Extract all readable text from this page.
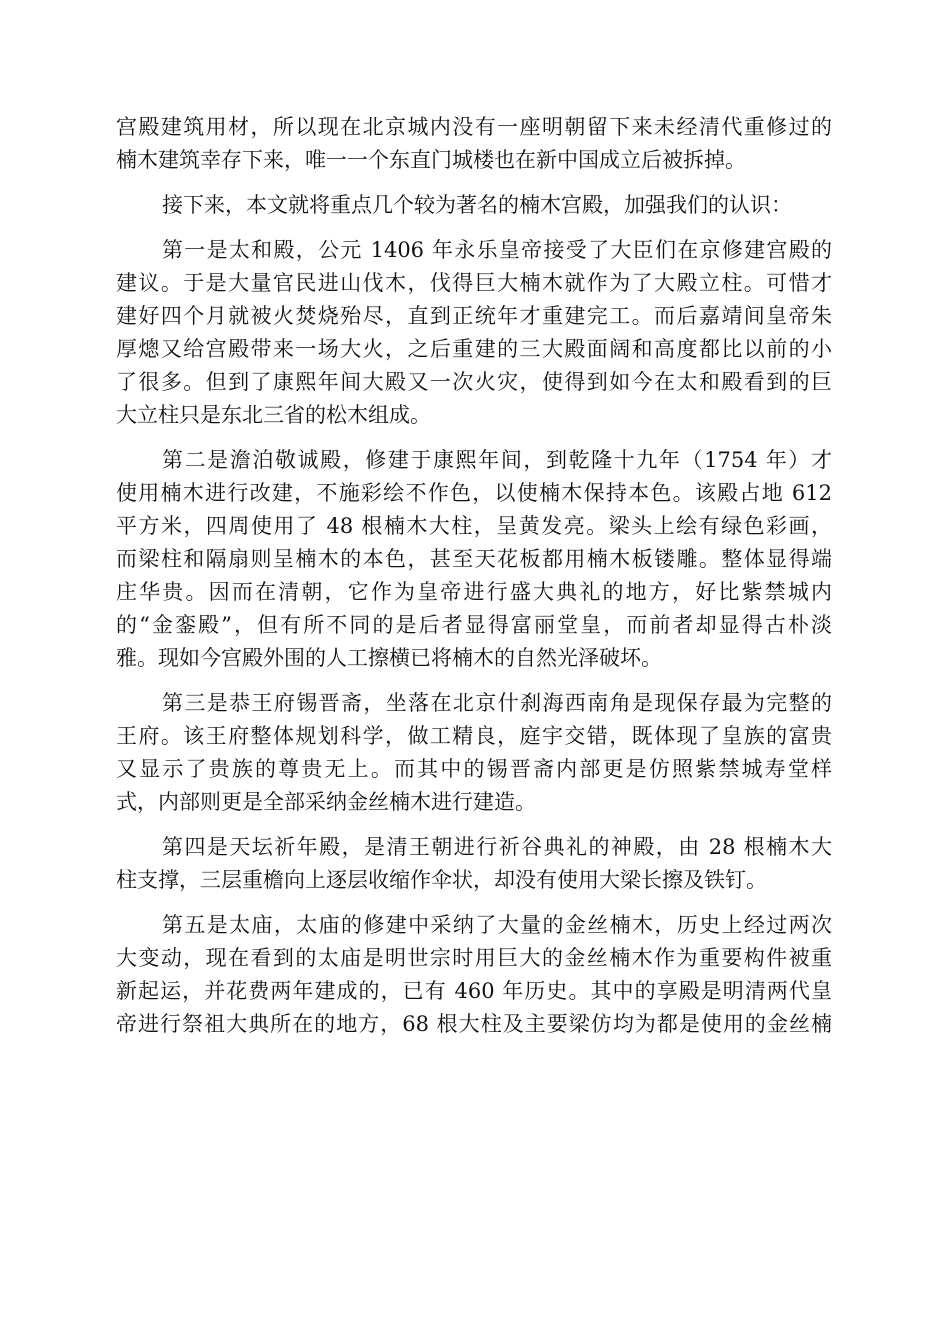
宫殿建筑用材，所以现在北京城内没有一座明朝留下来未经清代重修过的
楠木建筑幸存下来，唯一一个东直门城楼也在新中国成立后被拆掉。
接下来，本文就将重点几个较为著名的楠木宫殿，加强我们的认识：
第一是太和殿，公元 1406 年永乐皇帝接受了大臣们在京修建宫殿的
建议。于是大量官民进山伐木，伐得巨大楠木就作为了大殿立柱。可惜才
建好四个月就被火焚烧殆尽，直到正统年才重建完工。而后嘉靖间皇帝朱
厚熜又给宫殿带来一场大火，之后重建的三大殿面阔和高度都比以前的小
了很多。但到了康熙年间大殿又一次火灾，使得到如今在太和殿看到的巨
大立柱只是东北三省的松木组成。
第二是澹泊敬诚殿，修建于康熙年间，到乾隆十九年（1754 年）才
使用楠木进行改建，不施彩绘不作色，以使楠木保持本色。该殿占地 612
平方米，四周使用了 48 根楠木大柱，呈黄发亮。梁头上绘有绿色彩画，
而梁柱和隔扇则呈楠木的本色，甚至天花板都用楠木板镂雕。整体显得端
庄华贵。因而在清朝，它作为皇帝进行盛大典礼的地方，好比紫禁城内
的“金銮殿”，但有所不同的是后者显得富丽堂皇，而前者却显得古朴淡
雅。现如今宫殿外围的人工擦横已将楠木的自然光泽破坏。
第三是恭王府锡晋斋，坐落在北京什刹海西南角是现保存最为完整的
王府。该王府整体规划科学，做工精良，庭宇交错，既体现了皇族的富贵
又显示了贵族的尊贵无上。而其中的锡晋斋内部更是仿照紫禁城寿堂样
式，内部则更是全部采纳金丝楠木进行建造。
第四是天坛祈年殿，是清王朝进行祈谷典礼的神殿，由 28 根楠木大
柱支撑，三层重檐向上逐层收缩作伞状，却没有使用大梁长擦及铁钉。
第五是太庙，太庙的修建中采纳了大量的金丝楠木，历史上经过两次
大变动，现在看到的太庙是明世宗时用巨大的金丝楠木作为重要构件被重
新起运，并花费两年建成的，已有 460 年历史。其中的享殿是明清两代皇
帝进行祭祖大典所在的地方，68 根大柱及主要梁仿均为都是使用的金丝楠
